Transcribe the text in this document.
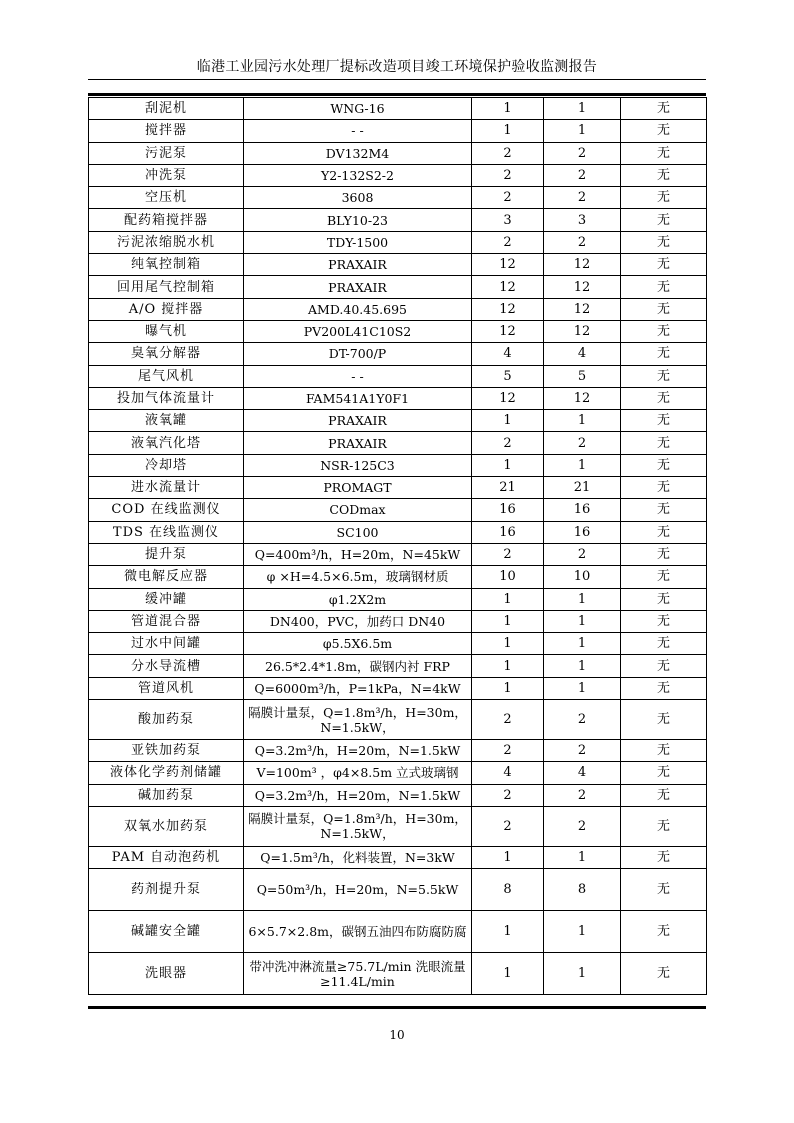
临港工业园污水处理厂提标改造项目竣工环境保护验收监测报告
刮泥机	WNG-16	1	1	无
搅拌器	- -	1	1	无
污泥泵	DV132M4	2	2	无
冲洗泵	Y2-132S2-2	2	2	无
空压机	3608	2	2	无
配药箱搅拌器	BLY10-23	3	3	无
污泥浓缩脱水机	TDY-1500	2	2	无
纯氧控制箱	PRAXAIR	12	12	无
回用尾气控制箱	PRAXAIR	12	12	无
A/O 搅拌器	AMD.40.45.695	12	12	无
曝气机	PV200L41C10S2	12	12	无
臭氧分解器	DT-700/P	4	4	无
尾气风机	- -	5	5	无
投加气体流量计	FAM541A1Y0F1	12	12	无
液氧罐	PRAXAIR	1	1	无
液氧汽化塔	PRAXAIR	2	2	无
冷却塔	NSR-125C3	1	1	无
进水流量计	PROMAGT	21	21	无
COD 在线监测仪	CODmax	16	16	无
TDS 在线监测仪	SC100	16	16	无
提升泵	Q=400m³/h，H=20m，N=45kW	2	2	无
微电解反应器	φ ×H=4.5×6.5m，玻璃钢材质	10	10	无
缓冲罐	φ1.2X2m	1	1	无
管道混合器	DN400，PVC，加药口 DN40	1	1	无
过水中间罐	φ5.5X6.5m	1	1	无
分水导流槽	26.5*2.4*1.8m，碳钢内衬 FRP	1	1	无
管道风机	Q=6000m³/h，P=1kPa，N=4kW	1	1	无
酸加药泵	隔膜计量泵，Q=1.8m³/h，H=30m，N=1.5kW，	2	2	无
亚铁加药泵	Q=3.2m³/h，H=20m，N=1.5kW	2	2	无
液体化学药剂储罐	V=100m³ ，φ4×8.5m 立式玻璃钢	4	4	无
碱加药泵	Q=3.2m³/h，H=20m，N=1.5kW	2	2	无
双氧水加药泵	隔膜计量泵，Q=1.8m³/h，H=30m，N=1.5kW，	2	2	无
PAM 自动泡药机	Q=1.5m³/h，化料装置，N=3kW	1	1	无
药剂提升泵	Q=50m³/h，H=20m，N=5.5kW	8	8	无
碱罐安全罐	6×5.7×2.8m，碳钢五油四布防腐防腐	1	1	无
洗眼器	带冲洗冲淋流量≥75.7L/min 洗眼流量≥11.4L/min	1	1	无
10
